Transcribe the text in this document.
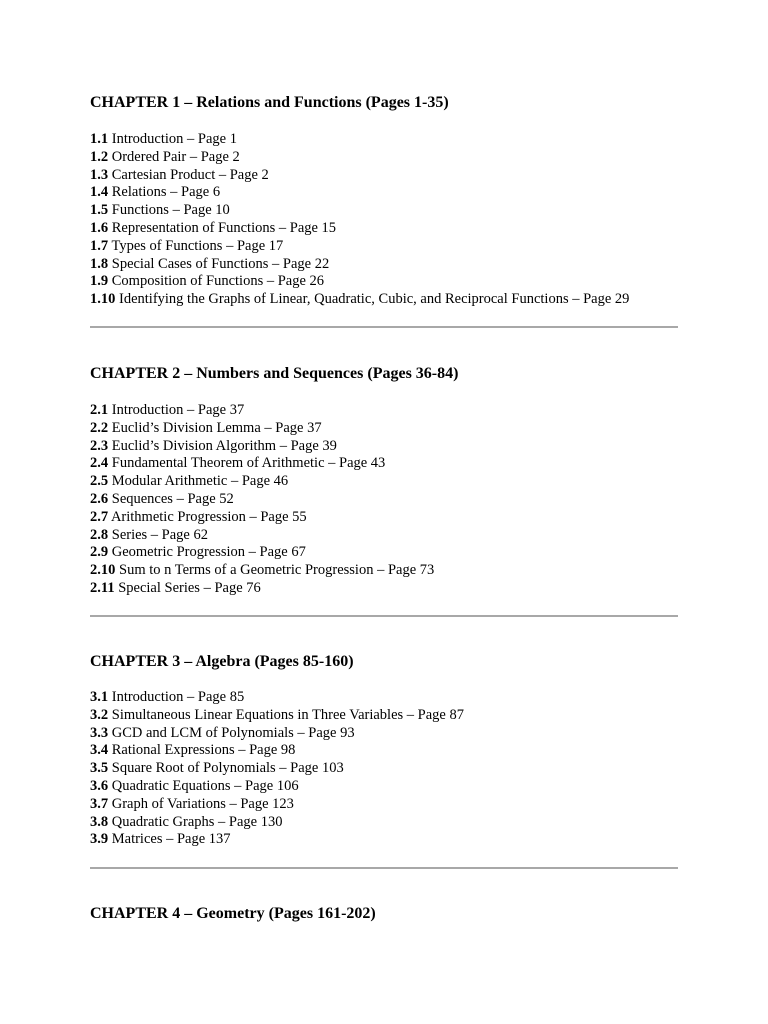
CHAPTER 1 – Relations and Functions (Pages 1-35)
1.1 Introduction – Page 1
1.2 Ordered Pair – Page 2
1.3 Cartesian Product – Page 2
1.4 Relations – Page 6
1.5 Functions – Page 10
1.6 Representation of Functions – Page 15
1.7 Types of Functions – Page 17
1.8 Special Cases of Functions – Page 22
1.9 Composition of Functions – Page 26
1.10 Identifying the Graphs of Linear, Quadratic, Cubic, and Reciprocal Functions – Page 29
CHAPTER 2 – Numbers and Sequences (Pages 36-84)
2.1 Introduction – Page 37
2.2 Euclid’s Division Lemma – Page 37
2.3 Euclid’s Division Algorithm – Page 39
2.4 Fundamental Theorem of Arithmetic – Page 43
2.5 Modular Arithmetic – Page 46
2.6 Sequences – Page 52
2.7 Arithmetic Progression – Page 55
2.8 Series – Page 62
2.9 Geometric Progression – Page 67
2.10 Sum to n Terms of a Geometric Progression – Page 73
2.11 Special Series – Page 76
CHAPTER 3 – Algebra (Pages 85-160)
3.1 Introduction – Page 85
3.2 Simultaneous Linear Equations in Three Variables – Page 87
3.3 GCD and LCM of Polynomials – Page 93
3.4 Rational Expressions – Page 98
3.5 Square Root of Polynomials – Page 103
3.6 Quadratic Equations – Page 106
3.7 Graph of Variations – Page 123
3.8 Quadratic Graphs – Page 130
3.9 Matrices – Page 137
CHAPTER 4 – Geometry (Pages 161-202)
